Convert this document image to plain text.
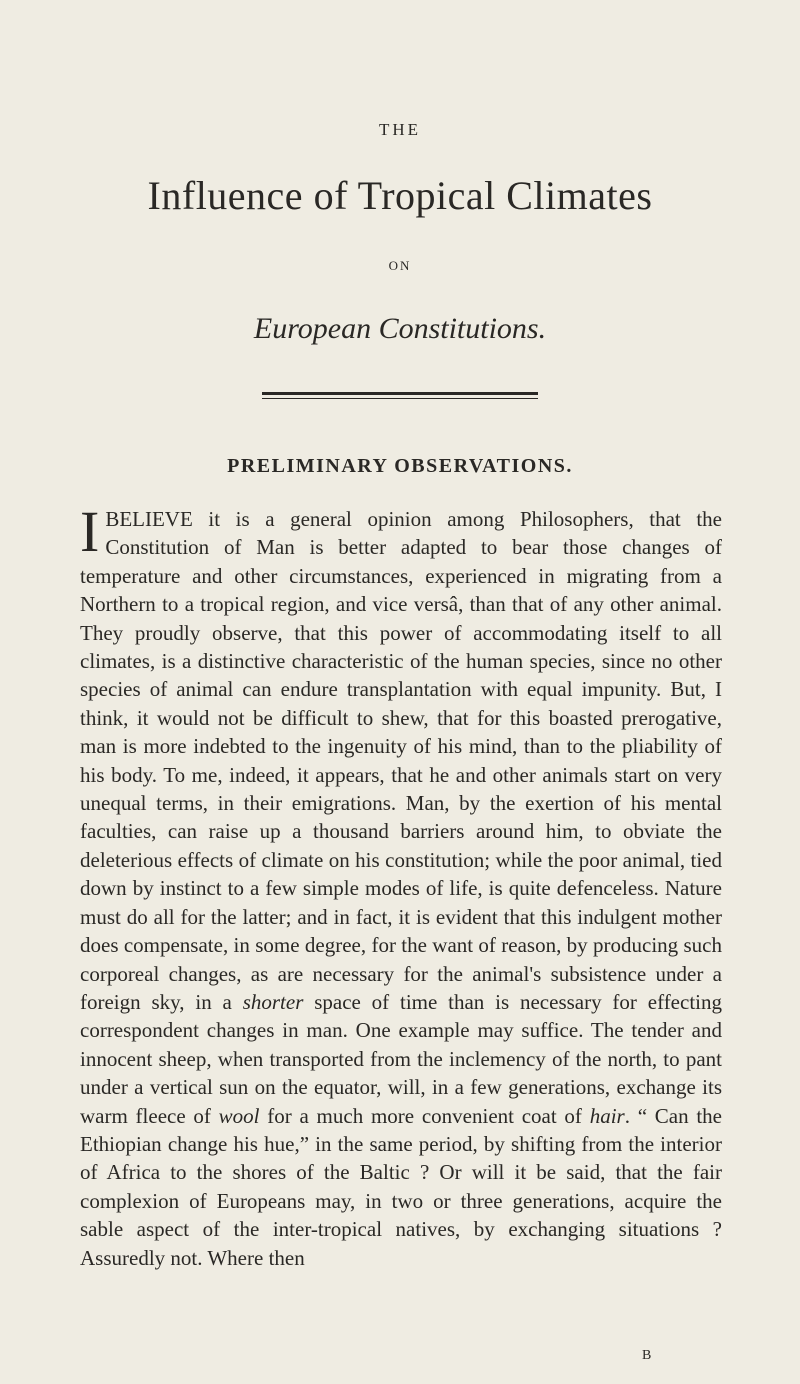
THE
Influence of Tropical Climates
ON
European Constitutions.
PRELIMINARY OBSERVATIONS.

I BELIEVE it is a general opinion among Philosophers, that the Constitution of Man is better adapted to bear those changes of temperature and other circumstances, experienced in migrating from a Northern to a tropical region, and vice versâ, than that of any other animal. They proudly observe, that this power of accommodating itself to all climates, is a distinctive characteristic of the human species, since no other species of animal can endure transplantation with equal impunity. But, I think, it would not be difficult to shew, that for this boasted prerogative, man is more indebted to the ingenuity of his mind, than to the pliability of his body. To me, indeed, it appears, that he and other animals start on very unequal terms, in their emigrations. Man, by the exertion of his mental faculties, can raise up a thousand barriers around him, to obviate the deleterious effects of climate on his constitution; while the poor animal, tied down by instinct to a few simple modes of life, is quite defenceless. Nature must do all for the latter; and in fact, it is evident that this indulgent mother does compensate, in some degree, for the want of reason, by producing such corporeal changes, as are necessary for the animal's subsistence under a foreign sky, in a shorter space of time than is necessary for effecting correspondent changes in man. One example may suffice. The tender and innocent sheep, when transported from the inclemency of the north, to pant under a vertical sun on the equator, will, in a few generations, exchange its warm fleece of wool for a much more convenient coat of hair. “ Can the Ethiopian change his hue,” in the same period, by shifting from the interior of Africa to the shores of the Baltic ? Or will it be said, that the fair complexion of Europeans may, in two or three generations, acquire the sable aspect of the inter-tropical natives, by exchanging situations ? Assuredly not. Where then

B
